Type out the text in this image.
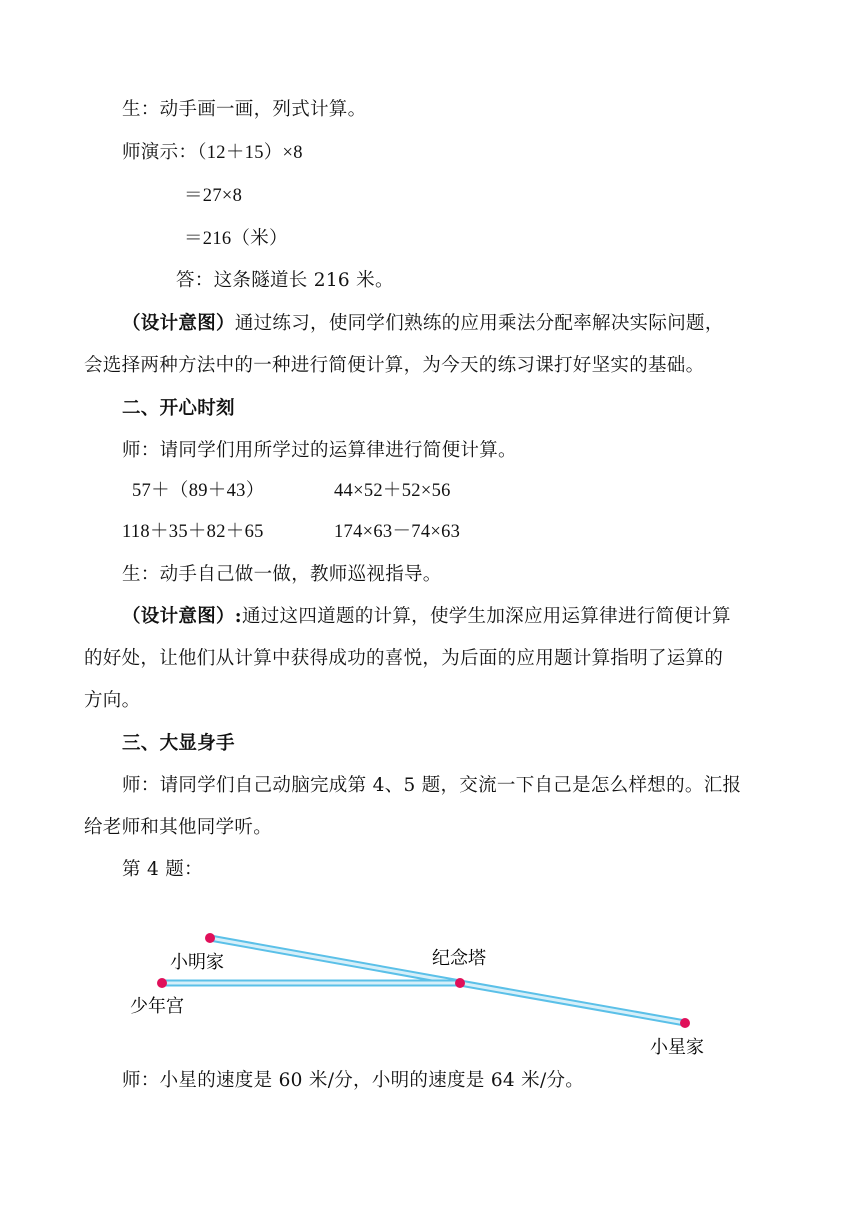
生：动手画一画，列式计算。
师演示：（12＋15）×8
＝27×8
＝216（米）
答：这条隧道长 216 米。
（设计意图）通过练习，使同学们熟练的应用乘法分配率解决实际问题，
会选择两种方法中的一种进行简便计算，为今天的练习课打好坚实的基础。
二、开心时刻
师：请同学们用所学过的运算律进行简便计算。
57＋（89＋43）	44×52＋52×56
118＋35＋82＋65	174×63－74×63
生：动手自己做一做，教师巡视指导。
（设计意图）:通过这四道题的计算，使学生加深应用运算律进行简便计算
的好处，让他们从计算中获得成功的喜悦，为后面的应用题计算指明了运算的
方向。
三、大显身手
师：请同学们自己动脑完成第 4、5 题，交流一下自己是怎么样想的。汇报
给老师和其他同学听。
第 4 题：
小明家
少年宫
纪念塔
小星家
师：小星的速度是 60 米/分，小明的速度是 64 米/分。
